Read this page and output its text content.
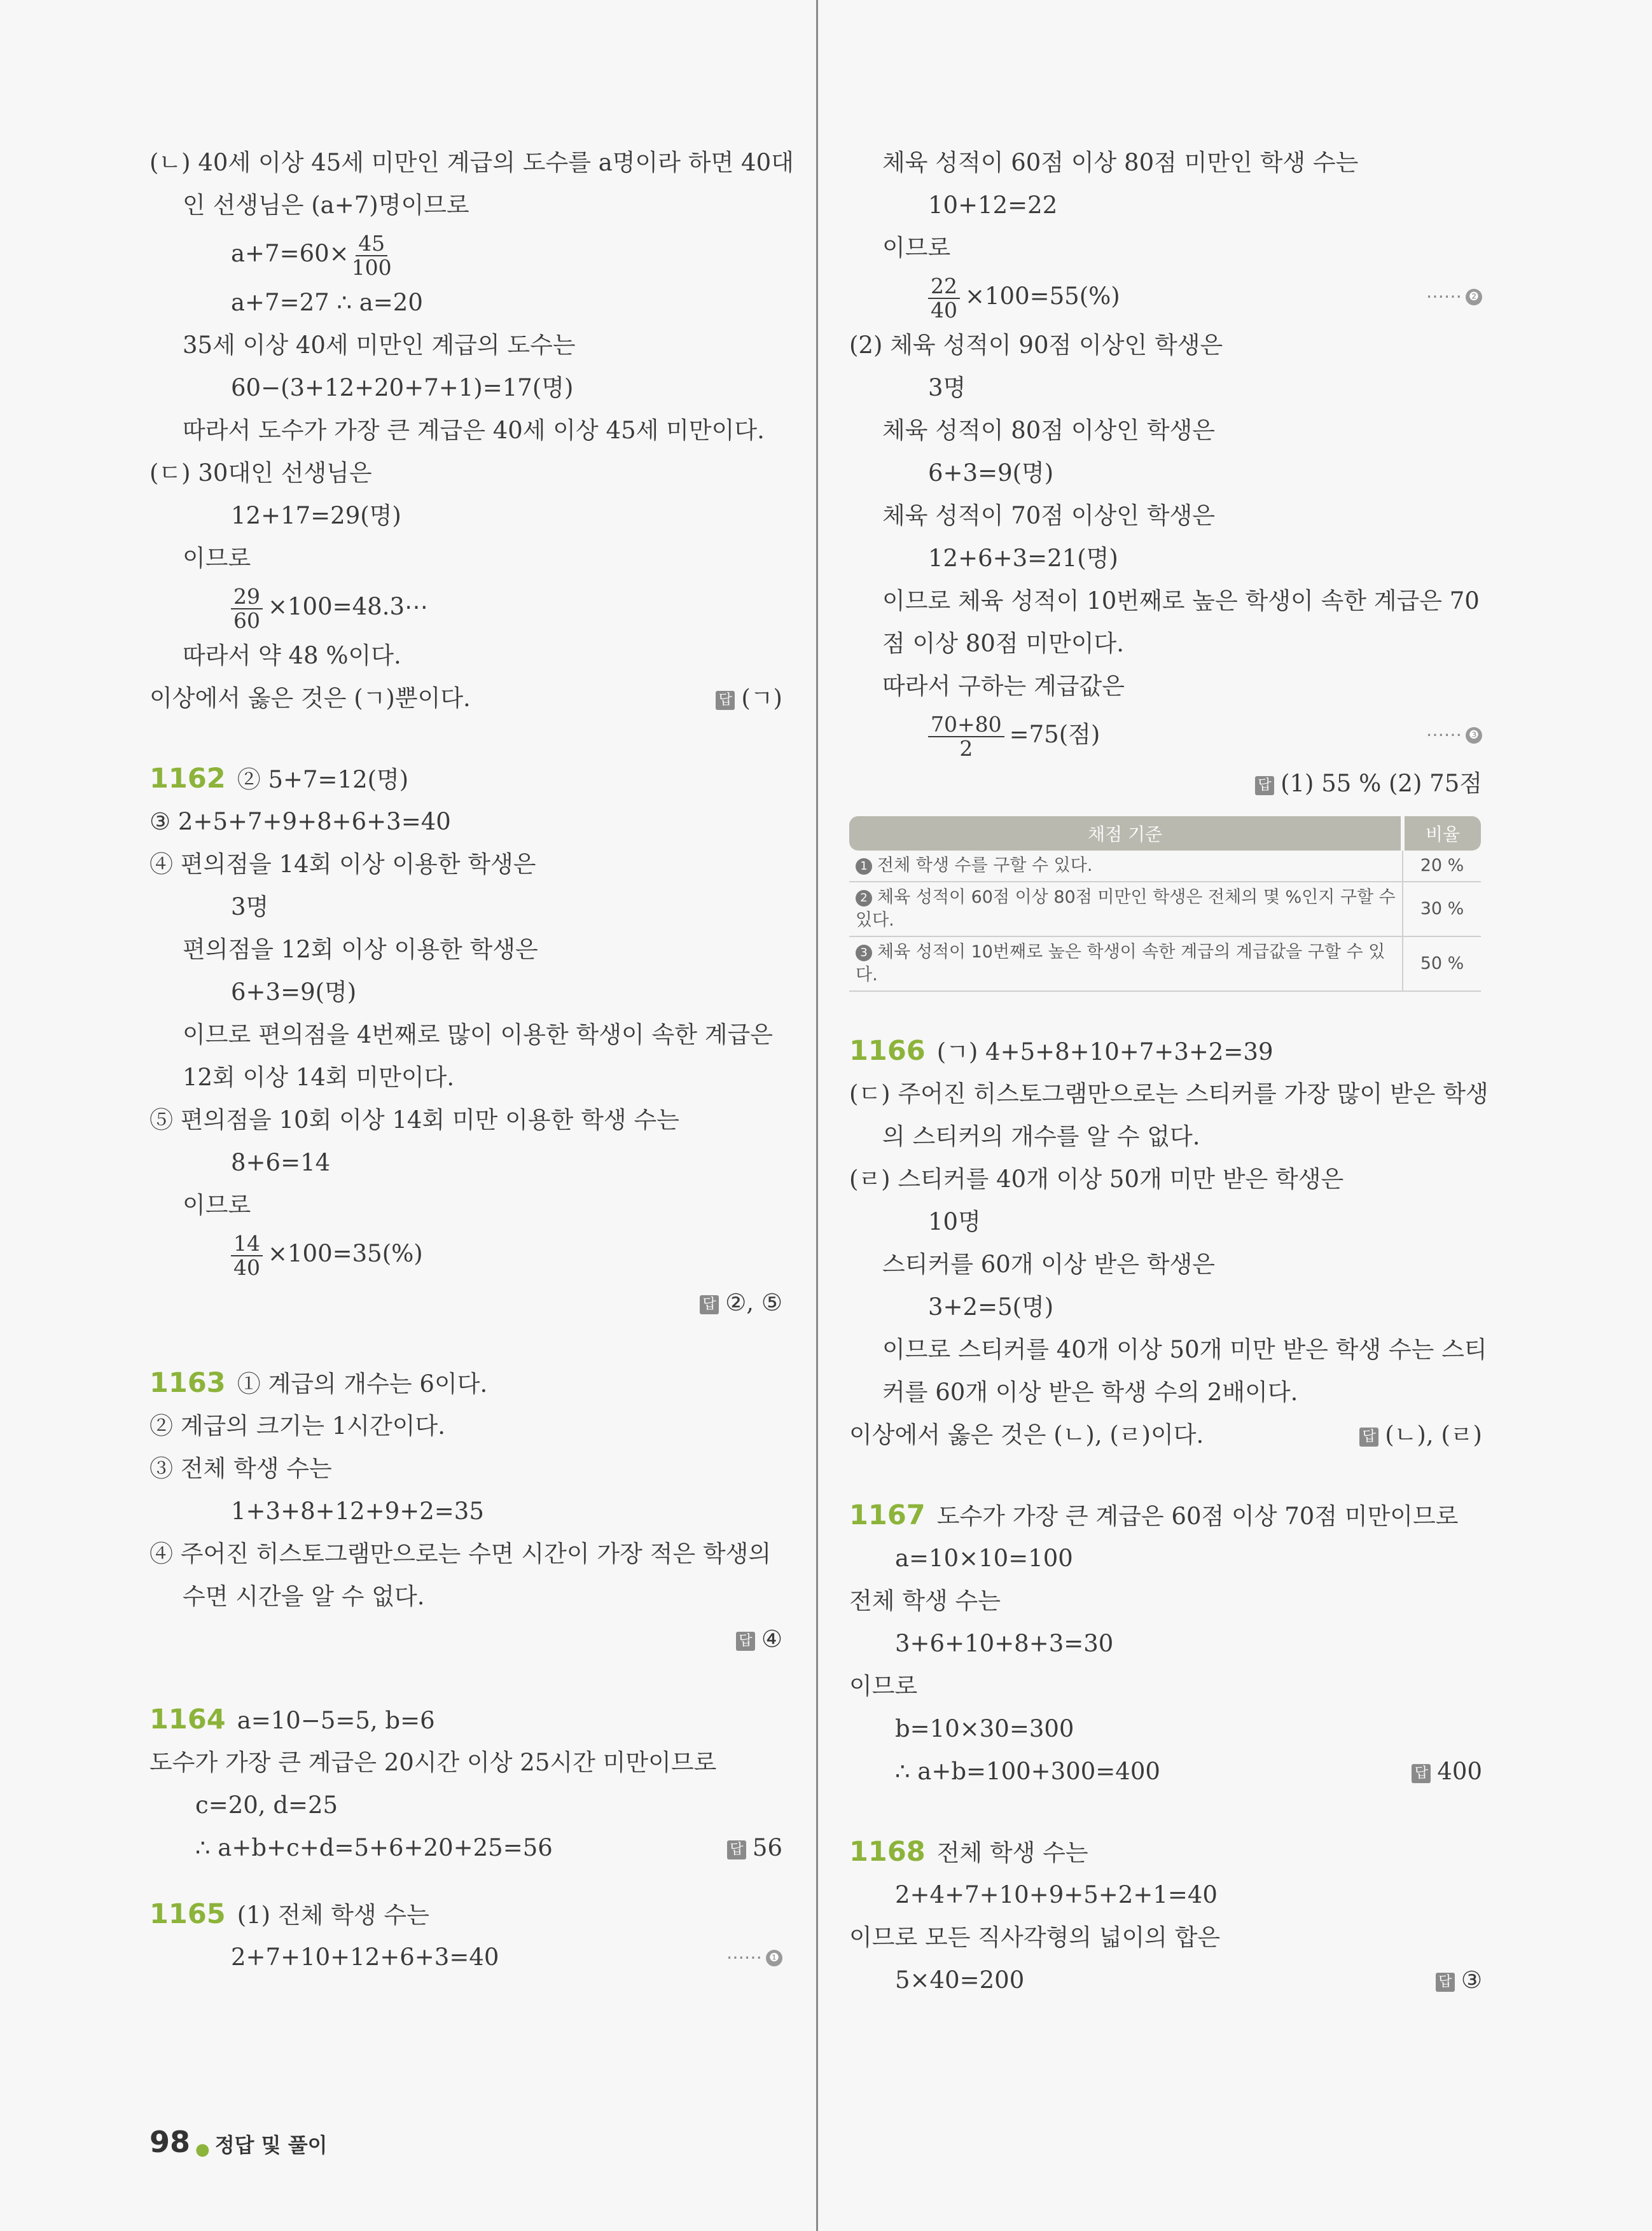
(ㄴ) 40세 이상 45세 미만인 계급의 도수를 a명이라 하면 40대
인 선생님은 (a+7)명이므로
$a+7=60\times \frac{45}{100}$
a+7=27 ∴ a=20
35세 이상 40세 미만인 계급의 도수는
60−(3+12+20+7+1)=17(명)
따라서 도수가 가장 큰 계급은 40세 이상 45세 미만이다.
(ㄷ) 30대인 선생님은
12+17=29(명)
이므로
$\frac{29}{60}$ ×100=48.3⋯
따라서 약 48 %이다.
이상에서 옳은 것은 (ㄱ)뿐이다.	답 (ㄱ)
1162 ② 5+7=12(명)
③ 2+5+7+9+8+6+3=40
④ 편의점을 14회 이상 이용한 학생은
3명
편의점을 12회 이상 이용한 학생은
6+3=9(명)
이므로 편의점을 4번째로 많이 이용한 학생이 속한 계급은
12회 이상 14회 미만이다.
⑤ 편의점을 10회 이상 14회 미만 이용한 학생 수는
8+6=14
이므로
$\frac{14}{40} \times 100=35(\%)$
답 ②, ⑤
1163 ① 계급의 개수는 6이다.
② 계급의 크기는 1시간이다.
③ 전체 학생 수는
1+3+8+12+9+2=35
④ 주어진 히스토그램만으로는 수면 시간이 가장 적은 학생의
수면 시간을 알 수 없다.
답 ④
1164 a=10−5=5, b=6
도수가 가장 큰 계급은 20시간 이상 25시간 미만이므로
c=20, d=25
∴ a+b+c+d=5+6+20+25=56	답 56
1165 (1) 전체 학생 수는
2+7+10+12+6+3=40	⋯⋯ ❶
체육 성적이 60점 이상 80점 미만인 학생 수는
10+12=22
이므로
$\frac{22}{40} \times 100=55(\%)$	⋯⋯ ❷
(2) 체육 성적이 90점 이상인 학생은
3명
체육 성적이 80점 이상인 학생은
6+3=9(명)
체육 성적이 70점 이상인 학생은
12+6+3=21(명)
이므로 체육 성적이 10번째로 높은 학생이 속한 계급은 70
점 이상 80점 미만이다.
따라서 구하는 계급값은
$\frac{70+80}{2} =75$(점)	⋯⋯ ❸
답 (1) 55 % (2) 75점
채점 기준	비율
1 전체 학생 수를 구할 수 있다.	20 %
2 체육 성적이 60점 이상 80점 미만인 학생은 전체의 몇 %인지 구할 수 있다.	30 %
3 체육 성적이 10번째로 높은 학생이 속한 계급의 계급값을 구할 수 있다.	50 %
1166 (ㄱ) 4+5+8+10+7+3+2=39
(ㄷ) 주어진 히스토그램만으로는 스티커를 가장 많이 받은 학생
의 스티커의 개수를 알 수 없다.
(ㄹ) 스티커를 40개 이상 50개 미만 받은 학생은
10명
스티커를 60개 이상 받은 학생은
3+2=5(명)
이므로 스티커를 40개 이상 50개 미만 받은 학생 수는 스티
커를 60개 이상 받은 학생 수의 2배이다.
이상에서 옳은 것은 (ㄴ), (ㄹ)이다.	답 (ㄴ), (ㄹ)
1167 도수가 가장 큰 계급은 60점 이상 70점 미만이므로
a=10×10=100
전체 학생 수는
3+6+10+8+3=30
이므로
b=10×30=300
∴ a+b=100+300=400	답 400
1168 전체 학생 수는
2+4+7+10+9+5+2+1=40
이므로 모든 직사각형의 넓이의 합은
5×40=200	답 ③
98 ● 정답 및 풀이
